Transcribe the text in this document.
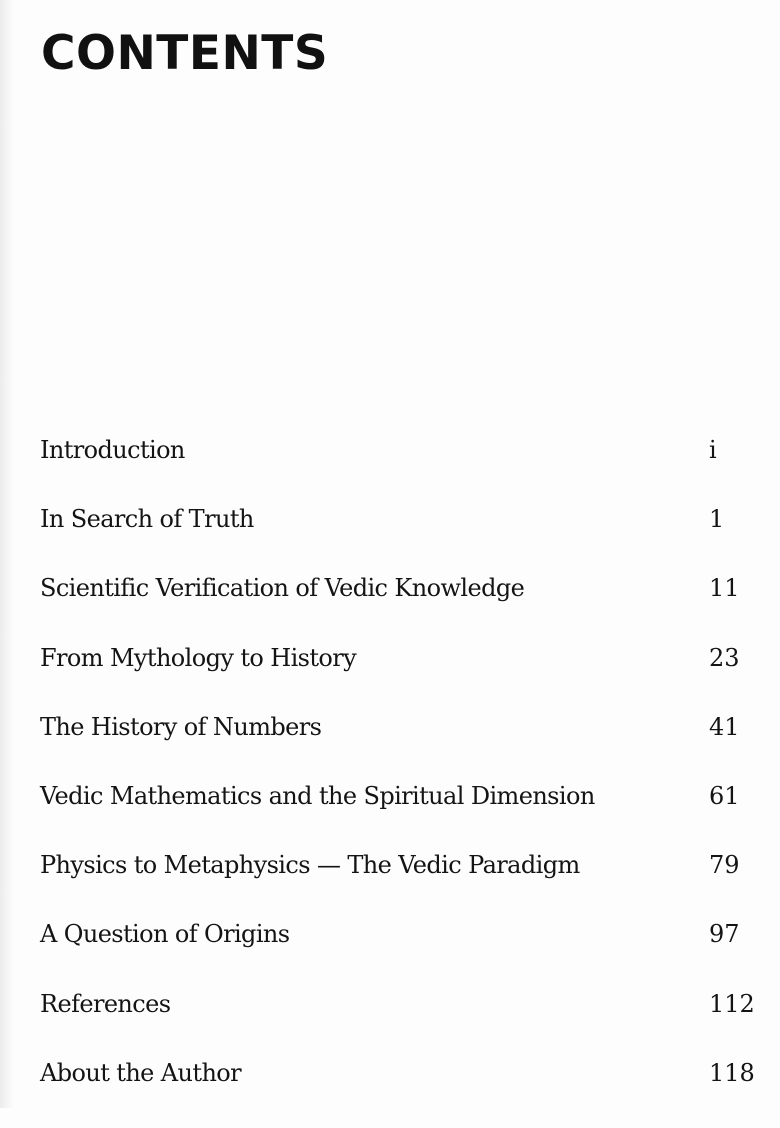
CONTENTS
Introduction	i
In Search of Truth	1
Scientific Verification of Vedic Knowledge	11
From Mythology to History	23
The History of Numbers	41
Vedic Mathematics and the Spiritual Dimension	61
Physics to Metaphysics — The Vedic Paradigm	79
A Question of Origins	97
References	112
About the Author	118
